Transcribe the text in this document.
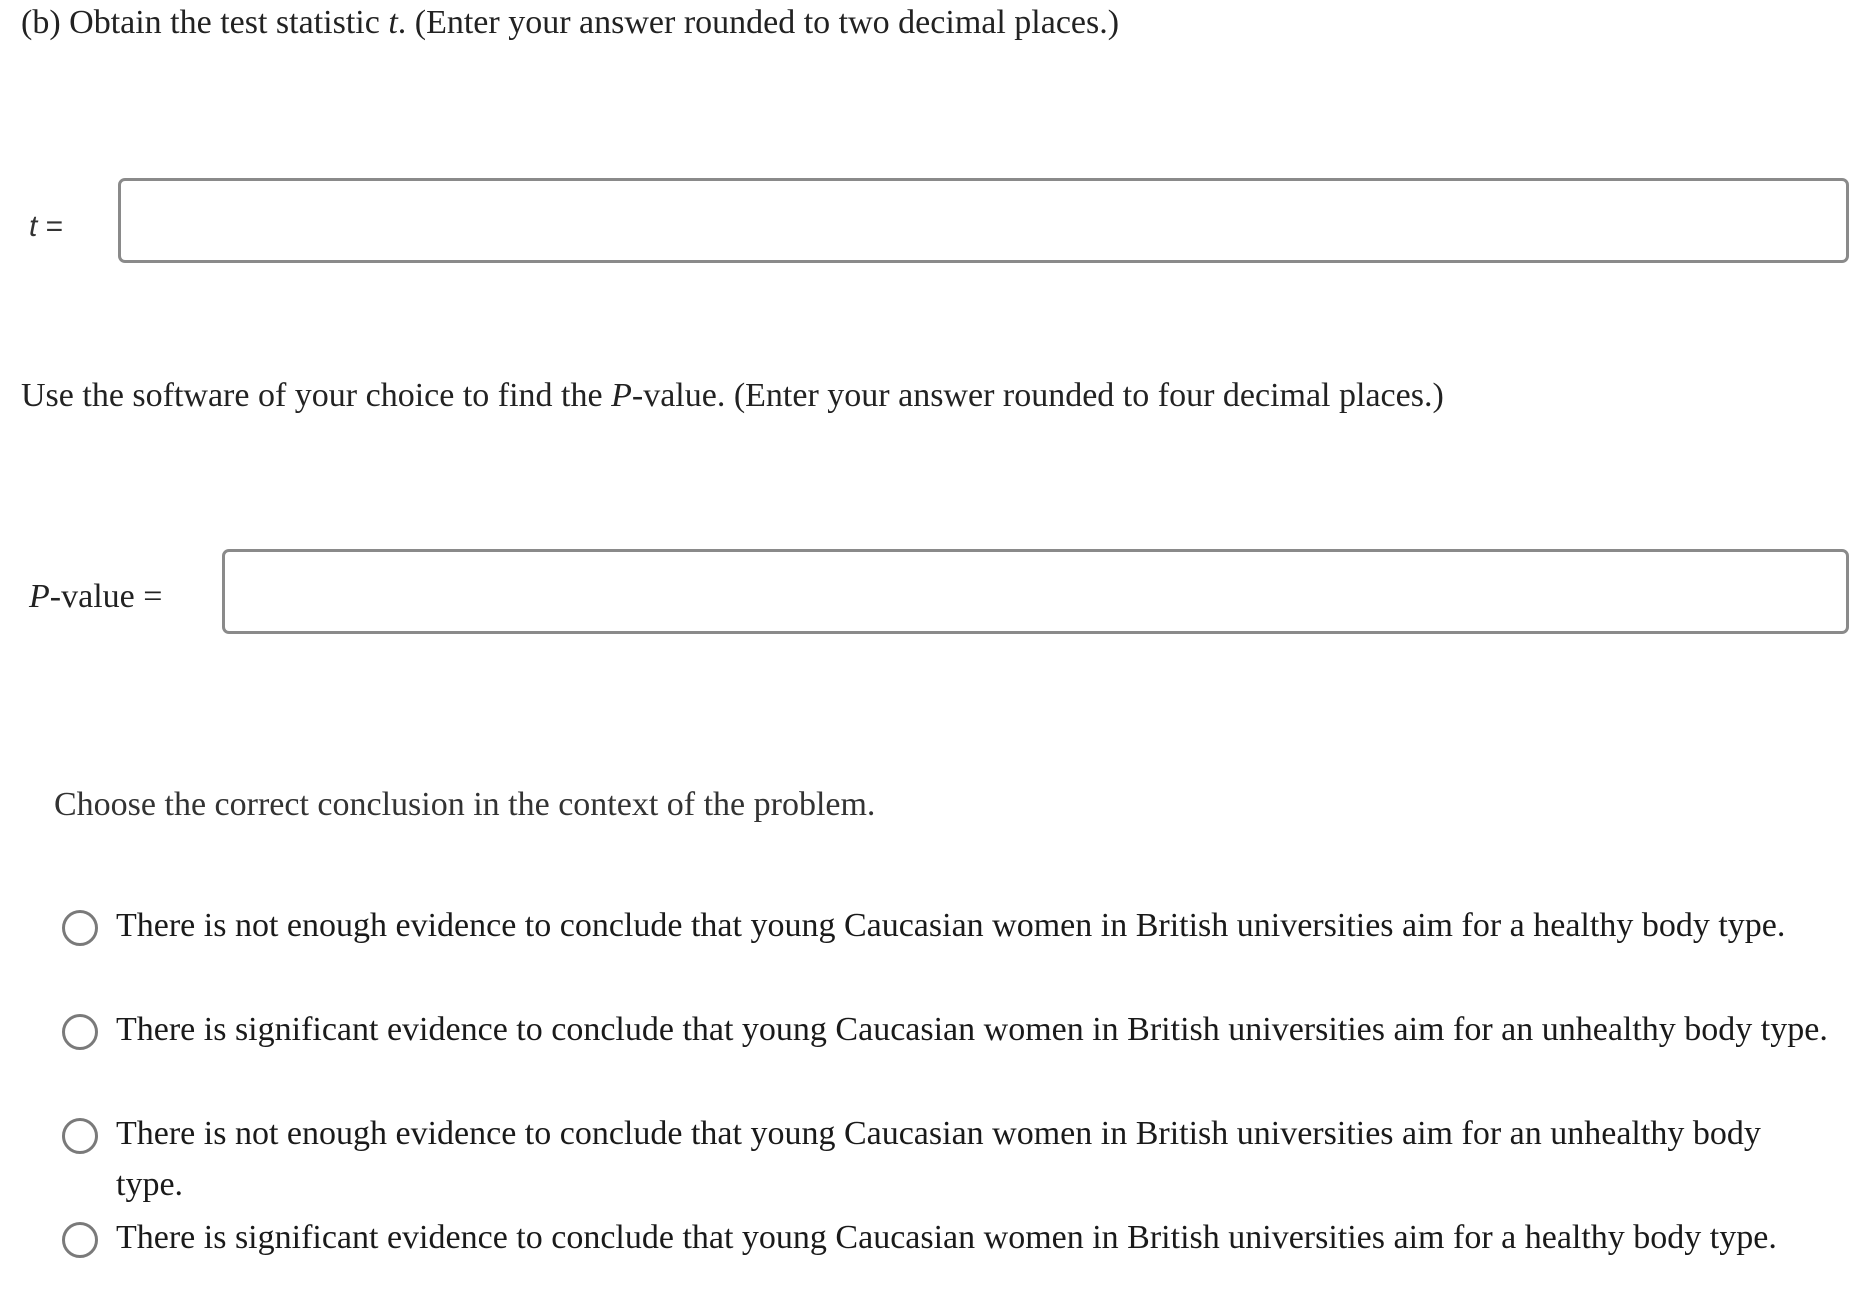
(b) Obtain the test statistic t. (Enter your answer rounded to two decimal places.)
t =
Use the software of your choice to find the P-value. (Enter your answer rounded to four decimal places.)
P-value =
Choose the correct conclusion in the context of the problem.
There is not enough evidence to conclude that young Caucasian women in British universities aim for a healthy body type.
There is significant evidence to conclude that young Caucasian women in British universities aim for an unhealthy body type.
There is not enough evidence to conclude that young Caucasian women in British universities aim for an unhealthy body type.
There is significant evidence to conclude that young Caucasian women in British universities aim for a healthy body type.
